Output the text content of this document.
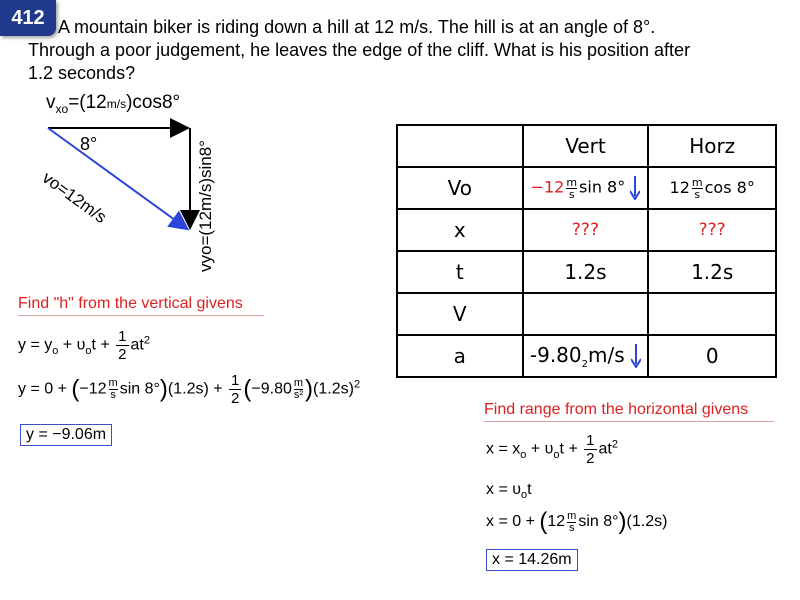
412 A mountain biker is riding down a hill at 12 m/s. The hill is at an angle of 8°.
Through a poor judgement, he leaves the edge of the cliff. What is his position after
1.2 seconds?
$v_{xo}=(12m/s)\cos 8^\circ$
8°
vo=12m/s	vyo=(12m/s)sin8°
		Vert	Horz
Vo	$-12 \frac{m}{s}$ sin 8°	$12 \frac{m}{s}$ cos 8°
x	???	???
t	1.2s	1.2s
V		
a	$-9.80_2m/s$	0
Find "h" from the vertical givens
$y = y_o + \upsilon_ot + \frac{1}{2} at^2$
$y = 0 + (-12 \frac{m}{s}$ $\sin 8^\circ)(1.2s) + \frac{1}{2} (-9.80 \frac{m}{\text{s²}} )(1.2s)^2$
y = −9.06m
Find range from the horizontal givens
$x = x_o + \upsilon_ot + \frac{1}{2} at^2$
$x = \upsilon_ot$
$x = 0 + (12 \frac{m}{s}$ sin 8°)(1.2s)
x = 14.26m
